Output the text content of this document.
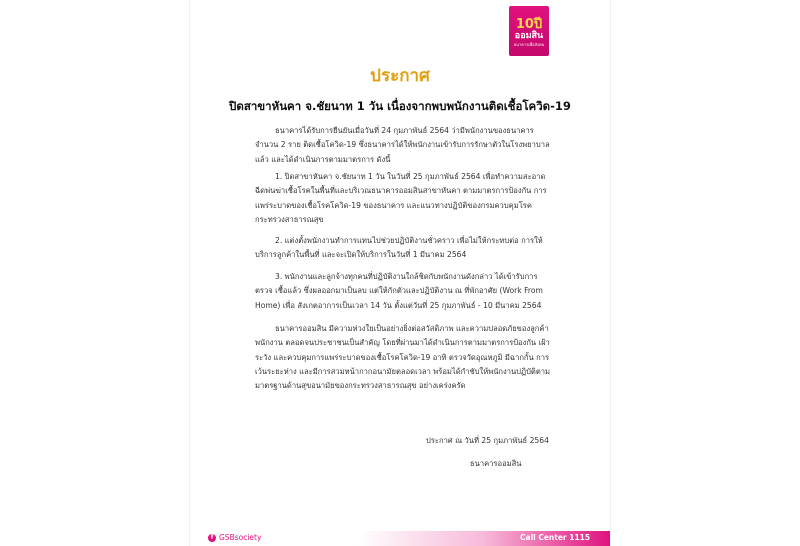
10ปี
ออมสิน
ธนาคารเพื่อสังคม
ประกาศ
ปิดสาขาหันคา จ.ชัยนาท 1 วัน เนื่องจากพบพนักงานติดเชื้อโควิด-19
ธนาคารได้รับการยืนยันเมื่อวันที่ 24 กุมภาพันธ์ 2564 ว่ามีพนักงานของธนาคาร จำนวน 2 ราย ติดเชื้อโควิด-19 ซึ่งธนาคารได้ให้พนักงานเข้ารับการรักษาตัวในโรงพยาบาลแล้ว และได้ดำเนินการตามมาตรการ ดังนี้
1. ปิดสาขาหันคา จ.ชัยนาท 1 วัน ในวันที่ 25 กุมภาพันธ์ 2564 เพื่อทำความสะอาด ฉีดพ่นฆ่าเชื้อโรคในพื้นที่และบริเวณธนาคารออมสินสาขาหันคา ตามมาตรการป้องกัน การแพร่ระบาดของเชื้อโรคโควิด-19 ของธนาคาร และแนวทางปฏิบัติของกรมควบคุมโรค กระทรวงสาธารณสุข
2. แต่งตั้งพนักงานทำการแทนไปช่วยปฏิบัติงานชั่วคราว เพื่อไม่ให้กระทบต่อ การให้บริการลูกค้าในพื้นที่ และจะเปิดให้บริการในวันที่ 1 มีนาคม 2564
3. พนักงานและลูกจ้างทุกคนที่ปฏิบัติงานใกล้ชิดกับพนักงานดังกล่าว ได้เข้ารับการตรวจ เชื้อแล้ว ซึ่งผลออกมาเป็นลบ แต่ให้กักตัวและปฏิบัติงาน ณ ที่พักอาศัย (Work From Home) เพื่อ สังเกตอาการเป็นเวลา 14 วัน ตั้งแต่วันที่ 25 กุมภาพันธ์ - 10 มีนาคม 2564
ธนาคารออมสิน มีความห่วงใยเป็นอย่างยิ่งต่อสวัสดิภาพ และความปลอดภัยของลูกค้า พนักงาน ตลอดจนประชาชนเป็นสำคัญ โดยที่ผ่านมาได้ดำเนินการตามมาตรการป้องกัน เฝ้าระวัง และควบคุมการแพร่ระบาดของเชื้อโรคโควิด-19 อาทิ ตรวจวัดอุณหภูมิ มีฉากกั้น การเว้นระยะห่าง และมีการสวมหน้ากากอนามัยตลอดเวลา พร้อมได้กำชับให้พนักงานปฏิบัติตาม มาตรฐานด้านสุขอนามัยของกระทรวงสาธารณสุข อย่างเคร่งครัด
ประกาศ ณ วันที่ 25 กุมภาพันธ์ 2564
ธนาคารออมสิน
f GSBsociety	Call Center 1115
